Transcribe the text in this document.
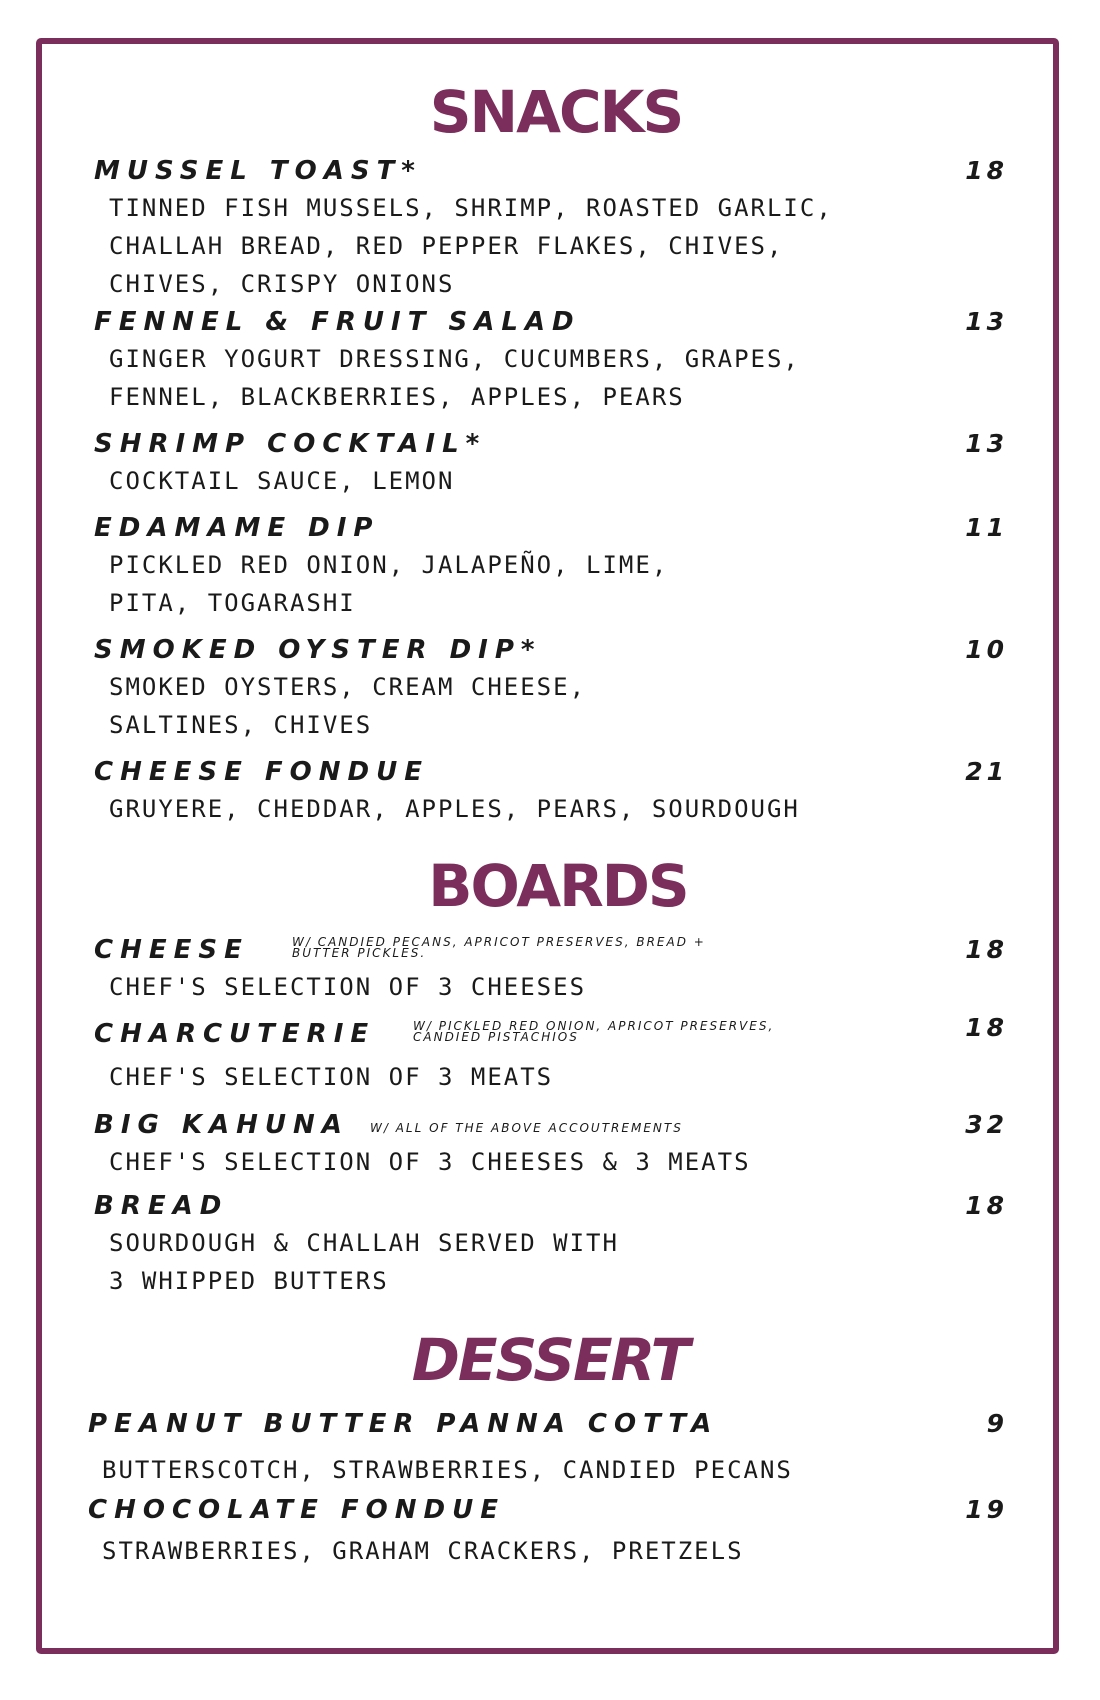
SNACKS

MUSSEL TOAST*	18

TINNED FISH MUSSELS, SHRIMP, ROASTED GARLIC,
CHALLAH BREAD, RED PEPPER FLAKES, CHIVES,
CHIVES, CRISPY ONIONS

FENNEL & FRUIT SALAD	13

GINGER YOGURT DRESSING, CUCUMBERS, GRAPES,
FENNEL, BLACKBERRIES, APPLES, PEARS

SHRIMP COCKTAIL*	13

COCKTAIL SAUCE, LEMON

EDAMAME DIP	11

PICKLED RED ONION, JALAPEÑO, LIME,
PITA, TOGARASHI

SMOKED OYSTER DIP*	10

SMOKED OYSTERS, CREAM CHEESE,
SALTINES, CHIVES

CHEESE FONDUE	21

GRUYERE, CHEDDAR, APPLES, PEARS, SOURDOUGH

BOARDS

CHEESE	W/ CANDIED PECANS, APRICOT PRESERVES, BREAD + BUTTER PICKLES.	18

CHEF'S SELECTION OF 3 CHEESES

CHARCUTERIE	W/ PICKLED RED ONION, APRICOT PRESERVES, CANDIED PISTACHIOS	18

CHEF'S SELECTION OF 3 MEATS

BIG KAHUNA W/ ALL OF THE ABOVE ACCOUTREMENTS	32

CHEF'S SELECTION OF 3 CHEESES & 3 MEATS

BREAD	18

SOURDOUGH & CHALLAH SERVED WITH
3 WHIPPED BUTTERS

DESSERT

PEANUT BUTTER PANNA COTTA	9

BUTTERSCOTCH, STRAWBERRIES, CANDIED PECANS

CHOCOLATE FONDUE	19

STRAWBERRIES, GRAHAM CRACKERS, PRETZELS
